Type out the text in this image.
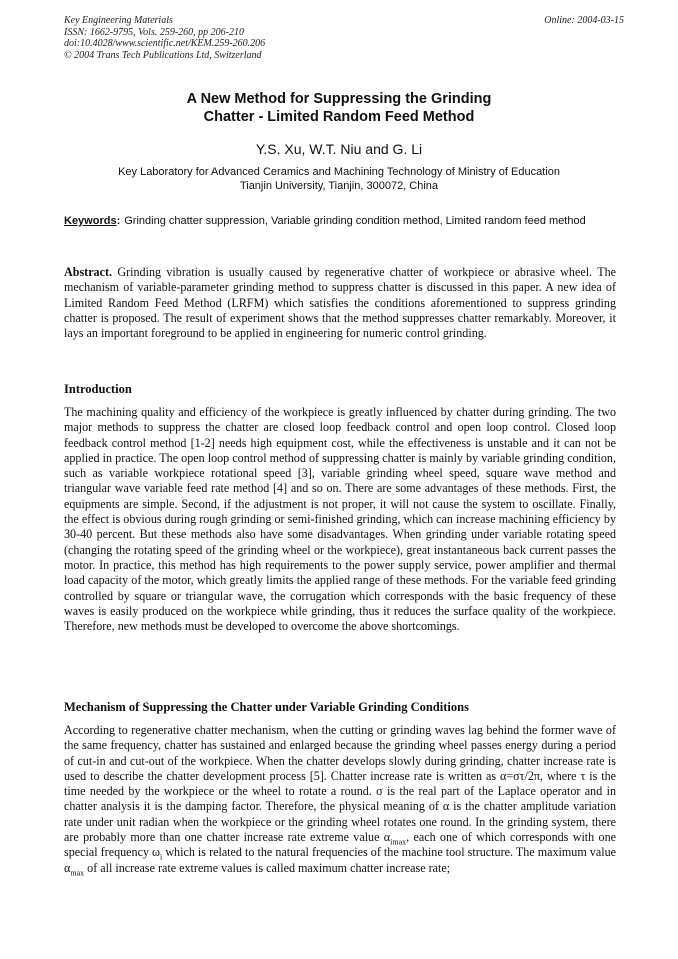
Key Engineering Materials
ISSN: 1662-9795, Vols. 259-260, pp 206-210
doi:10.4028/www.scientific.net/KEM.259-260.206
© 2004 Trans Tech Publications Ltd, Switzerland

Online: 2004-03-15
A New Method for Suppressing the Grinding
Chatter - Limited Random Feed Method
Y.S. Xu, W.T. Niu and G. Li
Key Laboratory for Advanced Ceramics and Machining Technology of Ministry of Education
Tianjin University, Tianjin, 300072, China
Keywords : Grinding chatter suppression, Variable grinding condition method, Limited random feed method
Abstract. Grinding vibration is usually caused by regenerative chatter of workpiece or abrasive wheel. The mechanism of variable-parameter grinding method to suppress chatter is discussed in this paper. A new idea of Limited Random Feed Method (LRFM) which satisfies the conditions aforementioned to suppress grinding chatter is proposed. The result of experiment shows that the method suppresses chatter remarkably. Moreover, it lays an important foreground to be applied in engineering for numeric control grinding.
Introduction
The machining quality and efficiency of the workpiece is greatly influenced by chatter during grinding. The two major methods to suppress the chatter are closed loop feedback control and open loop control. Closed loop feedback control method [1-2] needs high equipment cost, while the effectiveness is unstable and it can not be applied in practice. The open loop control method of suppressing chatter is mainly by variable grinding condition, such as variable workpiece rotational speed [3], variable grinding wheel speed, square wave method and triangular wave variable feed rate method [4] and so on. There are some advantages of these methods. First, the equipments are simple. Second, if the adjustment is not proper, it will not cause the system to oscillate. Finally, the effect is obvious during rough grinding or semi-finished grinding, which can increase machining efficiency by 30-40 percent. But these methods also have some disadvantages. When grinding under variable rotating speed (changing the rotating speed of the grinding wheel or the workpiece), great instantaneous back current passes the motor. In practice, this method has high requirements to the power supply service, power amplifier and thermal load capacity of the motor, which greatly limits the applied range of these methods. For the variable feed grinding controlled by square or triangular wave, the corrugation which corresponds with the basic frequency of these waves is easily produced on the workpiece while grinding, thus it reduces the surface quality of the workpiece. Therefore, new methods must be developed to overcome the above shortcomings.
Mechanism of Suppressing the Chatter under Variable Grinding Conditions
According to regenerative chatter mechanism, when the cutting or grinding waves lag behind the former wave of the same frequency, chatter has sustained and enlarged because the grinding wheel passes energy during a period of cut-in and cut-out of the workpiece. When the chatter develops slowly during grinding, chatter increase rate is used to describe the chatter development process [5]. Chatter increase rate is written as α=στ/2π, where τ is the time needed by the workpiece or the wheel to rotate a round. σ is the real part of the Laplace operator and in chatter analysis it is the damping factor. Therefore, the physical meaning of α is the chatter amplitude variation rate under unit radian when the workpiece or the grinding wheel rotates one round. In the grinding system, there are probably more than one chatter increase rate extreme value $\alpha_{imax}$, each one of which corresponds with one special frequency $\omega_i$ which is related to the natural frequencies of the machine tool structure. The maximum value $\alpha_{max}$ of all increase rate extreme values is called maximum chatter increase rate;
